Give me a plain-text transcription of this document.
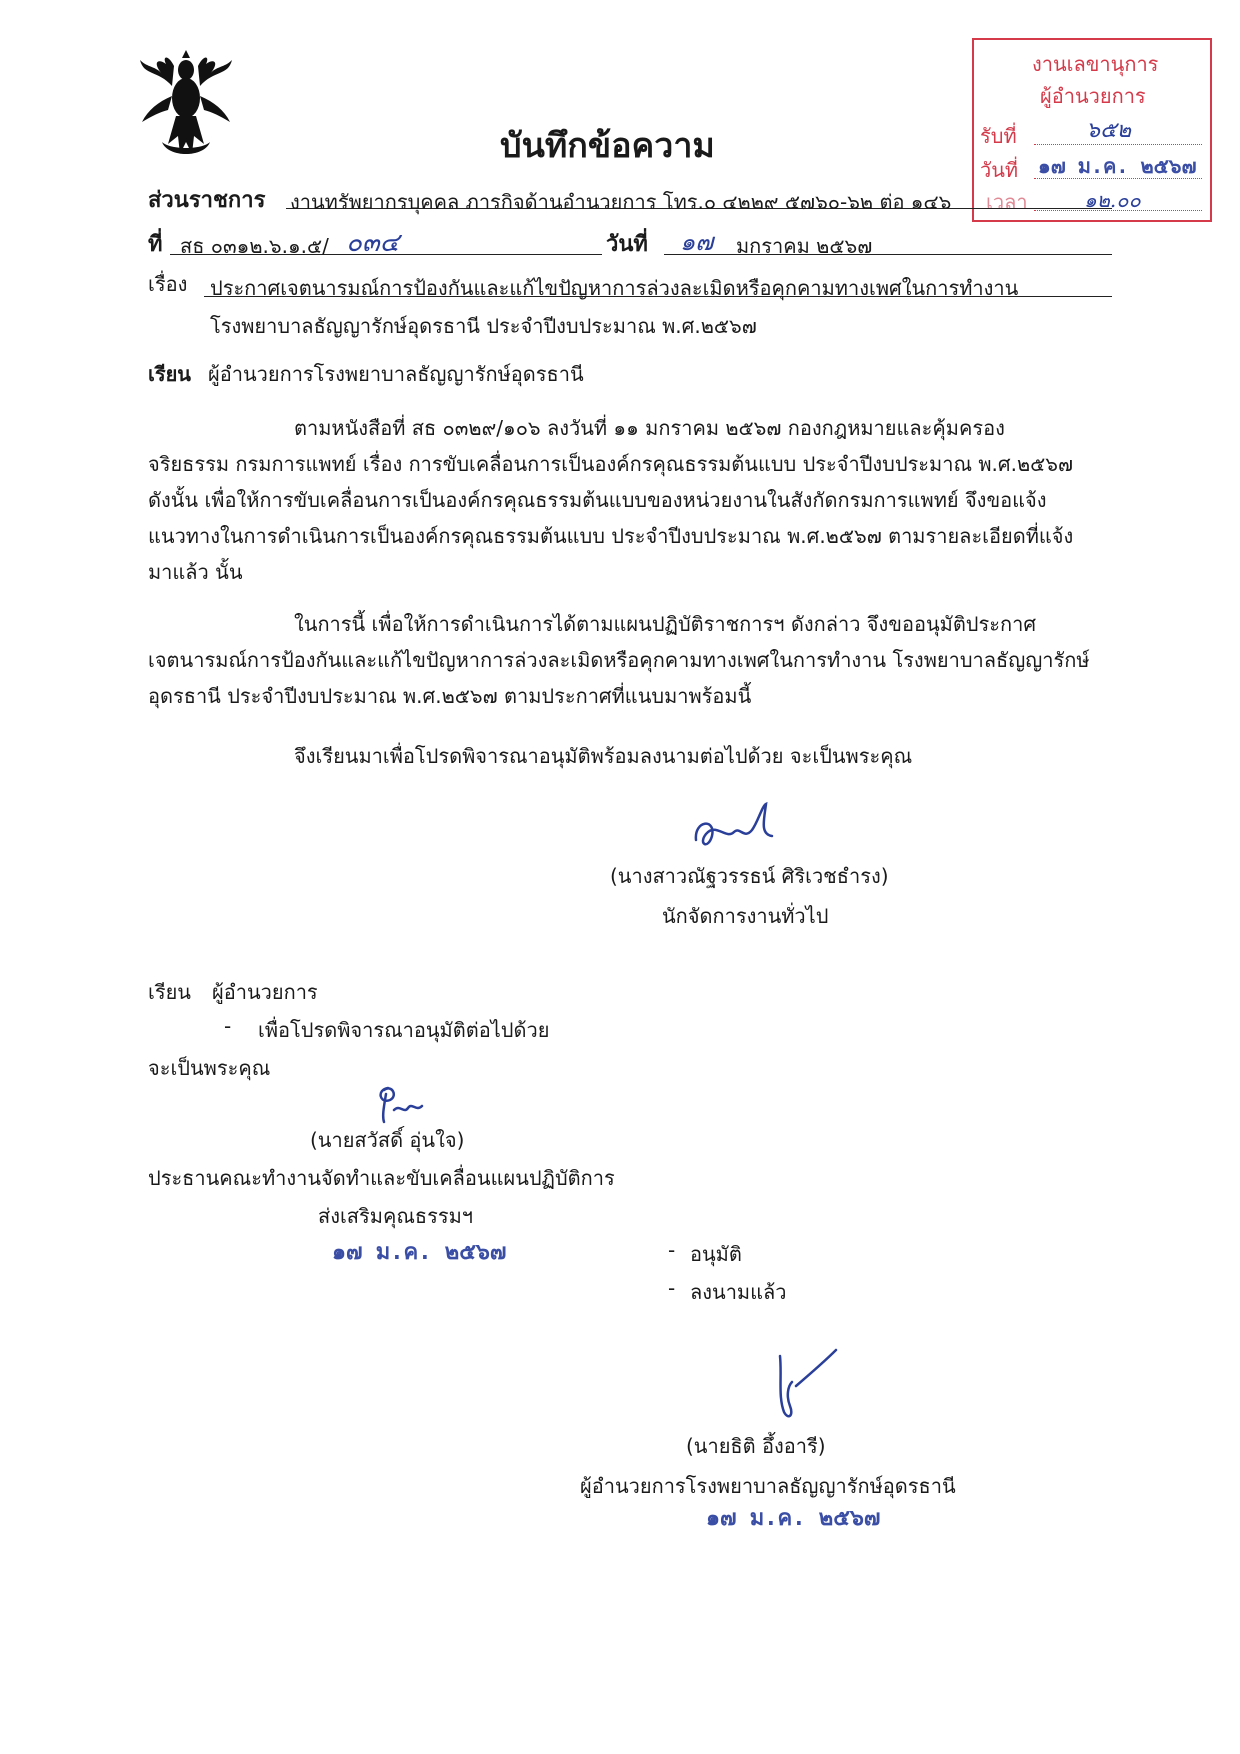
บันทึกข้อความ
งานเลขานุการ
ผู้อำนวยการ
รับที่	๖๕๒
วันที่ ๑๗ ม.ค. ๒๕๖๗
เวลา	๑๒.๐๐
ส่วนราชการ งานทรัพยากรบุคคล ภารกิจด้านอำนวยการ โทร.๐ ๔๒๒๙ ๕๗๖๐-๖๒ ต่อ ๑๔๖
ที่ สธ ๐๓๑๒.๖.๑.๕/ ๐๓๔	วันที่ ๑๗ มกราคม ๒๕๖๗
เรื่อง ประกาศเจตนารมณ์การป้องกันและแก้ไขปัญหาการล่วงละเมิดหรือคุกคามทางเพศในการทำงาน
โรงพยาบาลธัญญารักษ์อุดรธานี ประจำปีงบประมาณ พ.ศ.๒๕๖๗
เรียน ผู้อำนวยการโรงพยาบาลธัญญารักษ์อุดรธานี
ตามหนังสือที่ สธ ๐๓๒๙/๑๐๖ ลงวันที่ ๑๑ มกราคม ๒๕๖๗ กองกฎหมายและคุ้มครอง
จริยธรรม กรมการแพทย์ เรื่อง การขับเคลื่อนการเป็นองค์กรคุณธรรมต้นแบบ ประจำปีงบประมาณ พ.ศ.๒๕๖๗
ดังนั้น เพื่อให้การขับเคลื่อนการเป็นองค์กรคุณธรรมต้นแบบของหน่วยงานในสังกัดกรมการแพทย์ จึงขอแจ้ง
แนวทางในการดำเนินการเป็นองค์กรคุณธรรมต้นแบบ ประจำปีงบประมาณ พ.ศ.๒๕๖๗ ตามรายละเอียดที่แจ้ง
มาแล้ว นั้น
ในการนี้ เพื่อให้การดำเนินการได้ตามแผนปฏิบัติราชการฯ ดังกล่าว จึงขออนุมัติประกาศ
เจตนารมณ์การป้องกันและแก้ไขปัญหาการล่วงละเมิดหรือคุกคามทางเพศในการทำงาน โรงพยาบาลธัญญารักษ์
อุดรธานี ประจำปีงบประมาณ พ.ศ.๒๕๖๗ ตามประกาศที่แนบมาพร้อมนี้
จึงเรียนมาเพื่อโปรดพิจารณาอนุมัติพร้อมลงนามต่อไปด้วย จะเป็นพระคุณ
(นางสาวณัฐวรรธน์ ศิริเวชธำรง)
นักจัดการงานทั่วไป
เรียน ผู้อำนวยการ
- เพื่อโปรดพิจารณาอนุมัติต่อไปด้วย
จะเป็นพระคุณ
(นายสวัสดิ์ อุ่นใจ)
ประธานคณะทำงานจัดทำและขับเคลื่อนแผนปฏิบัติการ
ส่งเสริมคุณธรรมฯ
๑๗ ม.ค. ๒๕๖๗	- อนุมัติ
- ลงนามแล้ว
(นายธิติ อึ้งอารี)
ผู้อำนวยการโรงพยาบาลธัญญารักษ์อุดรธานี
๑๗ ม.ค. ๒๕๖๗
